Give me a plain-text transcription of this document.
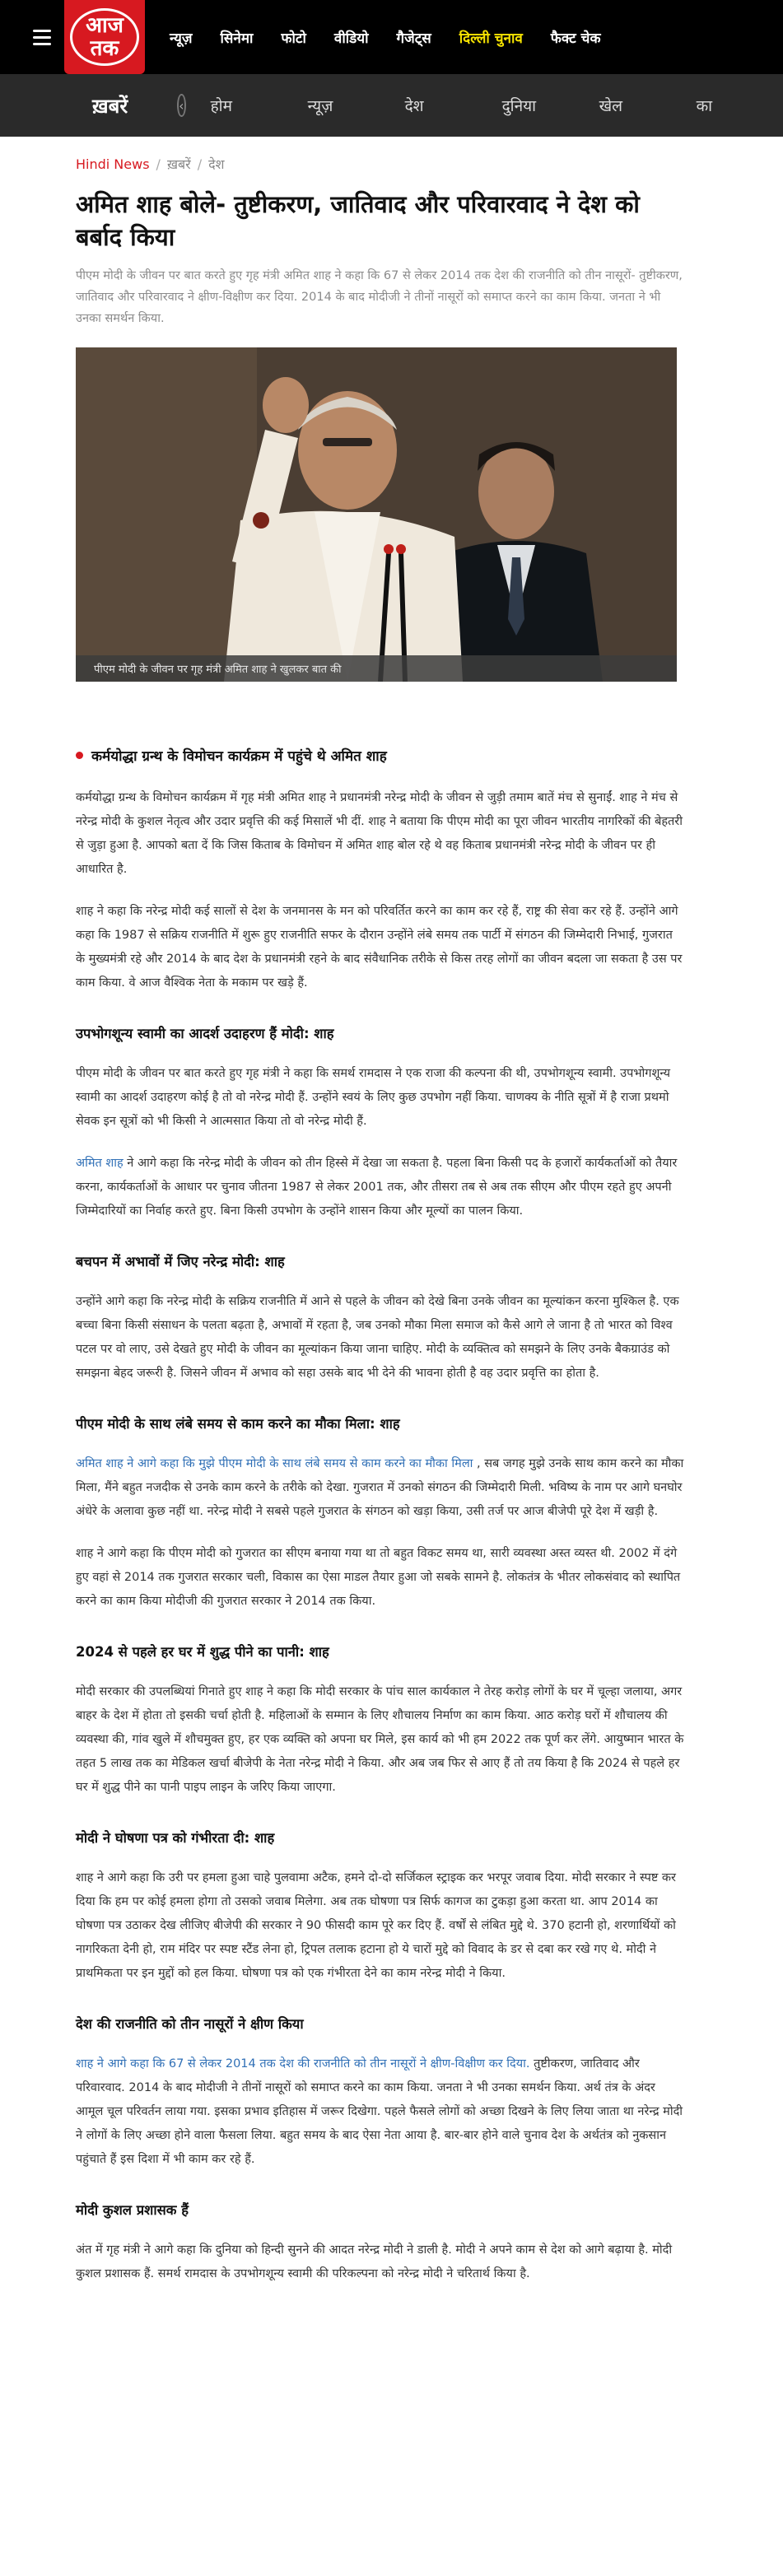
आज
तक	न्यूज़ सिनेमा फोटो वीडियो गैजेट्स दिल्ली चुनाव फैक्ट चेक
ख़बरें	‹ होम	न्यूज़	देश	दुनिया	खेल	का
Hindi News / ख़बरें / देश
अमित शाह बोले- तुष्टीकरण, जातिवाद और परिवारवाद ने देश को बर्बाद किया

पीएम मोदी के जीवन पर बात करते हुए गृह मंत्री अमित शाह ने कहा कि 67 से लेकर 2014 तक देश की राजनीति को तीन नासूरों- तुष्टीकरण, जातिवाद और परिवारवाद ने क्षीण-विक्षीण कर दिया. 2014 के बाद मोदीजी ने तीनों नासूरों को समाप्त करने का काम किया. जनता ने भी उनका समर्थन किया.

पीएम मोदी के जीवन पर गृह मंत्री अमित शाह ने खुलकर बात की
कर्मयोद्धा ग्रन्थ के विमोचन कार्यक्रम में पहुंचे थे अमित शाह

कर्मयोद्धा ग्रन्थ के विमोचन कार्यक्रम में गृह मंत्री अमित शाह ने प्रधानमंत्री नरेन्द्र मोदी के जीवन से जुड़ी तमाम बातें मंच से सुनाईं. शाह ने मंच से नरेन्द्र मोदी के कुशल नेतृत्व और उदार प्रवृत्ति की कई मिसालें भी दीं. शाह ने बताया कि पीएम मोदी का पूरा जीवन भारतीय नागरिकों की बेहतरी से जुड़ा हुआ है. आपको बता दें कि जिस किताब के विमोचन में अमित शाह बोल रहे थे वह किताब प्रधानमंत्री नरेन्द्र मोदी के जीवन पर ही आधारित है.

शाह ने कहा कि नरेन्द्र मोदी कई सालों से देश के जनमानस के मन को परिवर्तित करने का काम कर रहे हैं, राष्ट्र की सेवा कर रहे हैं. उन्होंने आगे कहा कि 1987 से सक्रिय राजनीति में शुरू हुए राजनीति सफर के दौरान उन्होंने लंबे समय तक पार्टी में संगठन की जिम्मेदारी निभाई, गुजरात के मुख्यमंत्री रहे और 2014 के बाद देश के प्रधानमंत्री रहने के बाद संवैधानिक तरीके से किस तरह लोगों का जीवन बदला जा सकता है उस पर काम किया. वे आज वैश्विक नेता के मकाम पर खड़े हैं.

उपभोगशून्य स्वामी का आदर्श उदाहरण हैं मोदी: शाह

पीएम मोदी के जीवन पर बात करते हुए गृह मंत्री ने कहा कि समर्थ रामदास ने एक राजा की कल्पना की थी, उपभोगशून्य स्वामी. उपभोगशून्य स्वामी का आदर्श उदाहरण कोई है तो वो नरेन्द्र मोदी हैं. उन्होंने स्वयं के लिए कुछ उपभोग नहीं किया. चाणक्य के नीति सूत्रों में है राजा प्रथमो सेवक इन सूत्रों को भी किसी ने आत्मसात किया तो वो नरेन्द्र मोदी हैं.

अमित शाह ने आगे कहा कि नरेन्द्र मोदी के जीवन को तीन हिस्से में देखा जा सकता है. पहला बिना किसी पद के हजारों कार्यकर्ताओं को तैयार करना, कार्यकर्ताओं के आधार पर चुनाव जीतना 1987 से लेकर 2001 तक, और तीसरा तब से अब तक सीएम और पीएम रहते हुए अपनी जिम्मेदारियों का निर्वाह करते हुए. बिना किसी उपभोग के उन्होंने शासन किया और मूल्यों का पालन किया.

बचपन में अभावों में जिए नरेन्द्र मोदी: शाह

उन्होंने आगे कहा कि नरेन्द्र मोदी के सक्रिय राजनीति में आने से पहले के जीवन को देखे बिना उनके जीवन का मूल्यांकन करना मुश्किल है. एक बच्चा बिना किसी संसाधन के पलता बढ़ता है, अभावों में रहता है, जब उनको मौका मिला समाज को कैसे आगे ले जाना है तो भारत को विश्व पटल पर वो लाए, उसे देखते हुए मोदी के जीवन का मूल्यांकन किया जाना चाहिए. मोदी के व्यक्तित्व को समझने के लिए उनके बैकग्राउंड को समझना बेहद जरूरी है. जिसने जीवन में अभाव को सहा उसके बाद भी देने की भावना होती है वह उदार प्रवृत्ति का होता है.

पीएम मोदी के साथ लंबे समय से काम करने का मौका मिला: शाह

अमित शाह ने आगे कहा कि मुझे पीएम मोदी के साथ लंबे समय से काम करने का मौका मिला , सब जगह मुझे उनके साथ काम करने का मौका मिला, मैंने बहुत नजदीक से उनके काम करने के तरीके को देखा. गुजरात में उनको संगठन की जिम्मेदारी मिली. भविष्य के नाम पर आगे घनघोर अंधेरे के अलावा कुछ नहीं था. नरेन्द्र मोदी ने सबसे पहले गुजरात के संगठन को खड़ा किया, उसी तर्ज पर आज बीजेपी पूरे देश में खड़ी है.

शाह ने आगे कहा कि पीएम मोदी को गुजरात का सीएम बनाया गया था तो बहुत विकट समय था, सारी व्यवस्था अस्त व्यस्त थी. 2002 में दंगे हुए वहां से 2014 तक गुजरात सरकार चली, विकास का ऐसा माडल तैयार हुआ जो सबके सामने है. लोकतंत्र के भीतर लोकसंवाद को स्थापित करने का काम किया मोदीजी की गुजरात सरकार ने 2014 तक किया.

2024 से पहले हर घर में शुद्ध पीने का पानी: शाह

मोदी सरकार की उपलब्धियां गिनाते हुए शाह ने कहा कि मोदी सरकार के पांच साल कार्यकाल ने तेरह करोड़ लोगों के घर में चूल्हा जलाया, अगर बाहर के देश में होता तो इसकी चर्चा होती है. महिलाओं के सम्मान के लिए शौचालय निर्माण का काम किया. आठ करोड़ घरों में शौचालय की व्यवस्था की, गांव खुले में शौचमुक्त हुए, हर एक व्यक्ति को अपना घर मिले, इस कार्य को भी हम 2022 तक पूर्ण कर लेंगे. आयुष्मान भारत के तहत 5 लाख तक का मेडिकल खर्चा बीजेपी के नेता नरेन्द्र मोदी ने किया. और अब जब फिर से आए हैं तो तय किया है कि 2024 से पहले हर घर में शुद्ध पीने का पानी पाइप लाइन के जरिए किया जाएगा.

मोदी ने घोषणा पत्र को गंभीरता दी: शाह

शाह ने आगे कहा कि उरी पर हमला हुआ चाहे पुलवामा अटैक, हमने दो-दो सर्जिकल स्ट्राइक कर भरपूर जवाब दिया. मोदी सरकार ने स्पष्ट कर दिया कि हम पर कोई हमला होगा तो उसको जवाब मिलेगा. अब तक घोषणा पत्र सिर्फ कागज का टुकड़ा हुआ करता था. आप 2014 का घोषणा पत्र उठाकर देख लीजिए बीजेपी की सरकार ने 90 फीसदी काम पूरे कर दिए हैं. वर्षों से लंबित मुद्दे थे. 370 हटानी हो, शरणार्थियों को नागरिकता देनी हो, राम मंदिर पर स्पष्ट स्टैंड लेना हो, ट्रिपल तलाक हटाना हो ये चारों मुद्दे को विवाद के डर से दबा कर रखे गए थे. मोदी ने प्राथमिकता पर इन मुद्दों को हल किया. घोषणा पत्र को एक गंभीरता देने का काम नरेन्द्र मोदी ने किया.

देश की राजनीति को तीन नासूरों ने क्षीण किया

शाह ने आगे कहा कि 67 से लेकर 2014 तक देश की राजनीति को तीन नासूरों ने क्षीण-विक्षीण कर दिया. तुष्टीकरण, जातिवाद और परिवारवाद. 2014 के बाद मोदीजी ने तीनों नासूरों को समाप्त करने का काम किया. जनता ने भी उनका समर्थन किया. अर्थ तंत्र के अंदर आमूल चूल परिवर्तन लाया गया. इसका प्रभाव इतिहास में जरूर दिखेगा. पहले फैसले लोगों को अच्छा दिखने के लिए लिया जाता था नरेन्द्र मोदी ने लोगों के लिए अच्छा होने वाला फैसला लिया. बहुत समय के बाद ऐसा नेता आया है. बार-बार होने वाले चुनाव देश के अर्थतंत्र को नुकसान पहुंचाते हैं इस दिशा में भी काम कर रहे हैं.

मोदी कुशल प्रशासक हैं

अंत में गृह मंत्री ने आगे कहा कि दुनिया को हिन्दी सुनने की आदत नरेन्द्र मोदी ने डाली है. मोदी ने अपने काम से देश को आगे बढ़ाया है. मोदी कुशल प्रशासक हैं. समर्थ रामदास के उपभोगशून्य स्वामी की परिकल्पना को नरेन्द्र मोदी ने चरितार्थ किया है.
